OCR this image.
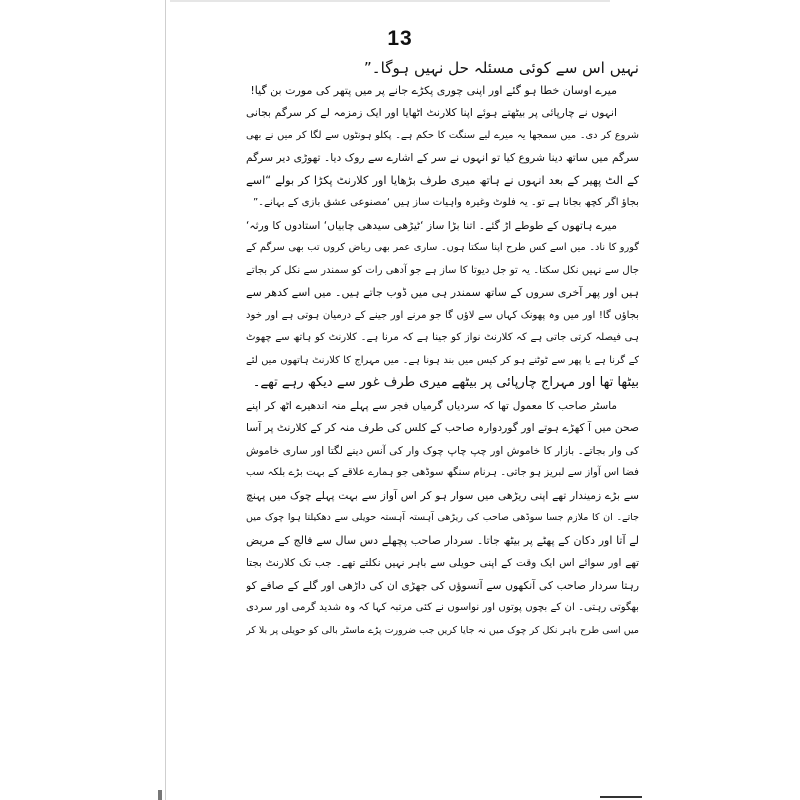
13
نہیں اس سے کوئی مسئلہ حل نہیں ہوگا۔”
میرے اوسان خطا ہو گئے اور اپنی چوری پکڑے جانے پر میں پتھر کی مورت بن گیا!
انہوں نے چارپائی پر بیٹھتے ہوئے اپنا کلارنٹ اٹھایا اور ایک زمزمہ لے کر سرگم بجانی
شروع کر دی۔ میں سمجھا یہ میرے لیے سنگت کا حکم ہے۔ پکلو ہونٹوں سے لگا کر میں نے بھی
سرگم میں ساتھ دینا شروع کیا تو انہوں نے سر کے اشارے سے روک دیا۔ تھوڑی دیر سرگم
کے الٹ پھیر کے بعد انہوں نے ہاتھ میری طرف بڑھایا اور کلارنٹ پکڑا کر بولے “اسے
بجاؤ اگر کچھ بجانا ہے تو۔ یہ فلوٹ وغیرہ واہیات ساز ہیں ‘مصنوعی عشق بازی کے بہانے۔”
میرے ہاتھوں کے طوطے اڑ گئے۔ اتنا بڑا ساز ‘ٹیڑھی سیدھی چابیاں‘ استادوں کا ورثہ‘
گورو کا ناد۔ میں اسے کس طرح اپنا سکتا ہوں۔ ساری عمر بھی ریاض کروں تب بھی سرگم کے
جال سے نہیں نکل سکتا۔ یہ تو جل دیوتا کا ساز ہے جو آدھی رات کو سمندر سے نکل کر بجاتے
ہیں اور پھر آخری سروں کے ساتھ سمندر ہی میں ڈوب جاتے ہیں۔ میں اسے کدھر سے
بجاؤں گا! اور میں وہ پھونک کہاں سے لاؤں گا جو مرنے اور جینے کے درمیان ہوتی ہے اور خود
ہی فیصلہ کرتی جاتی ہے کہ کلارنٹ نواز کو جینا ہے کہ مرنا ہے۔ کلارنٹ کو ہاتھ سے چھوٹ
کے گرنا ہے یا پھر سے ٹوٹنے ہو کر کیس میں بند ہونا ہے۔ میں مہراج کا کلارنٹ ہاتھوں میں لئے
بیٹھا تھا اور مہراج چارپائی پر بیٹھے میری طرف غور سے دیکھ رہے تھے۔
ماسٹر صاحب کا معمول تھا کہ سردیاں گرمیاں فجر سے پہلے منہ اندھیرے اٹھ کر اپنے
صحن میں آ کھڑے ہوتے اور گوردوارہ صاحب کے کلس کی طرف منہ کر کے کلارنٹ پر آسا
کی وار بجاتے۔ بازار کا خاموش اور چپ چاپ چوک وار کی آنس دینے لگتا اور ساری خاموش
فضا اس آواز سے لبریز ہو جاتی۔ ہرنام سنگھ سوڈھی جو ہمارے علاقے کے بہت بڑے بلکہ سب
سے بڑے زمیندار تھے اپنی ریڑھی میں سوار ہو کر اس آواز سے بہت پہلے چوک میں پہنچ
جاتے۔ ان کا ملازم جسا سوڈھی صاحب کی ریڑھی آہستہ آہستہ حویلی سے دھکیلتا ہوا چوک میں
لے آتا اور دکان کے پھٹے پر بیٹھ جاتا۔ سردار صاحب پچھلے دس سال سے فالج کے مریض
تھے اور سوائے اس ایک وقت کے اپنی حویلی سے باہر نہیں نکلتے تھے۔ جب تک کلارنٹ بجتا
رہتا سردار صاحب کی آنکھوں سے آنسوؤں کی جھڑی ان کی داڑھی اور گلے کے صافے کو
بھگوتی رہتی۔ ان کے بچوں پوتوں اور نواسوں نے کئی مرتبہ کہا کہ وہ شدید گرمی اور سردی
میں اسی طرح باہر نکل کر چوک میں نہ جایا کریں جب ضرورت پڑے ماسٹر بالی کو حویلی پر بلا کر
